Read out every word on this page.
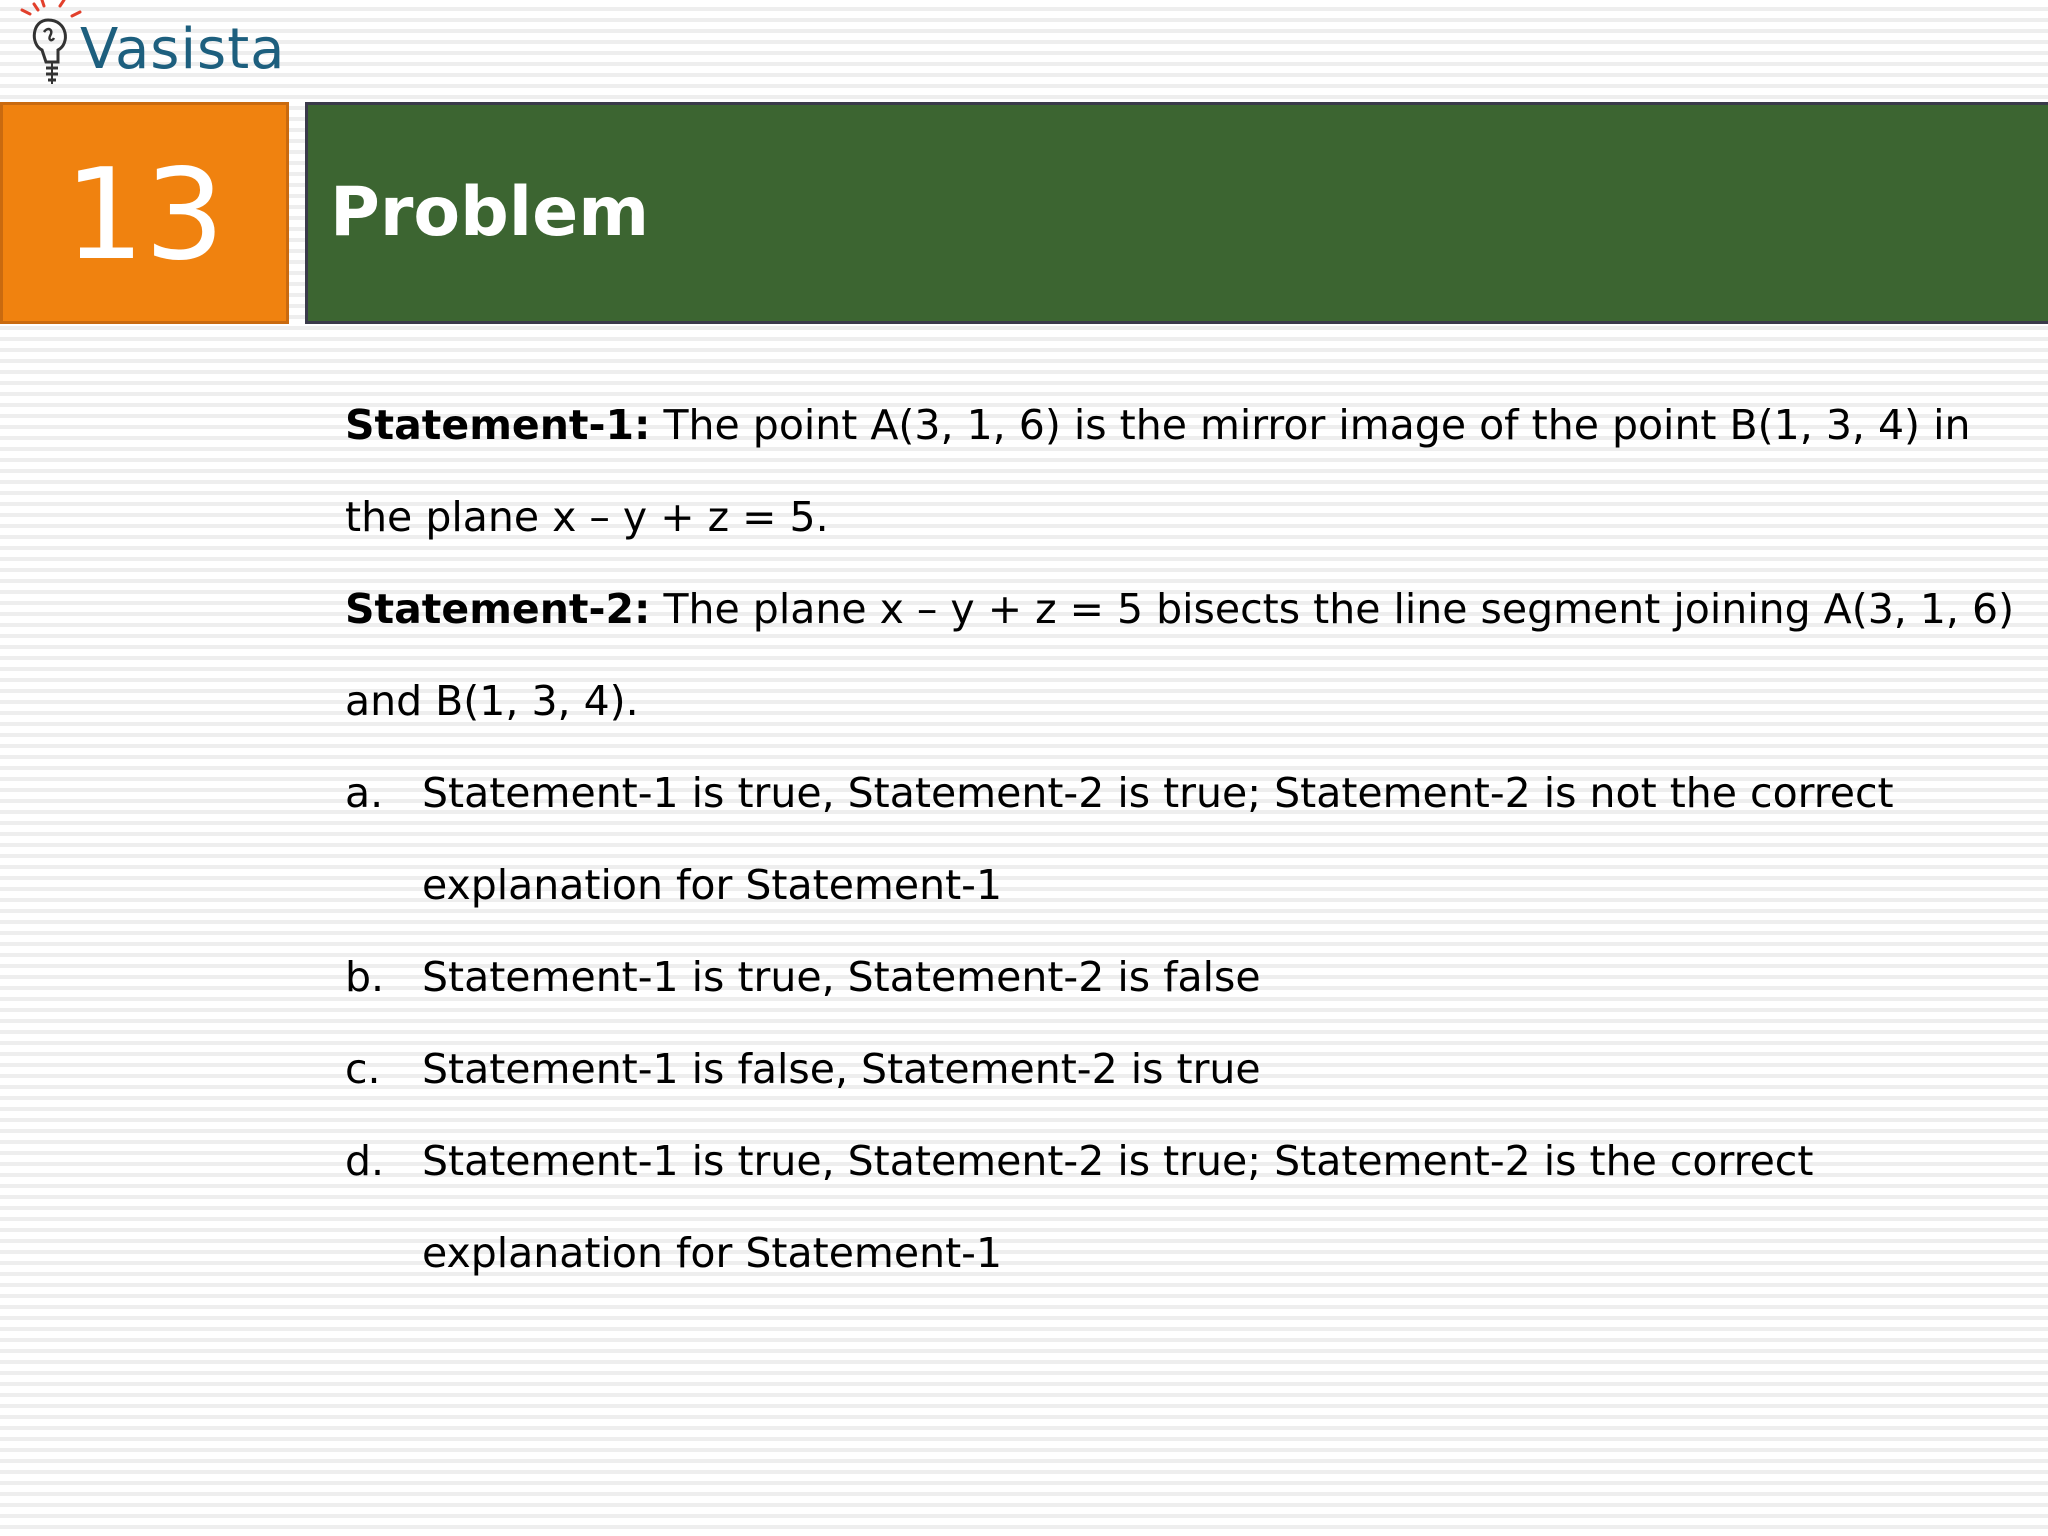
Vasista
13	Problem

Statement-1: The point A(3, 1, 6) is the mirror image of the point B(1, 3, 4) in the plane x – y + z = 5.

Statement-2: The plane x – y + z = 5 bisects the line segment joining A(3, 1, 6) and B(1, 3, 4).

a. Statement-1 is true, Statement-2 is true; Statement-2 is not the correct explanation for Statement-1
b. Statement-1 is true, Statement-2 is false
c.	Statement-1 is false, Statement-2 is true
d. Statement-1 is true, Statement-2 is true; Statement-2 is the correct explanation for Statement-1
